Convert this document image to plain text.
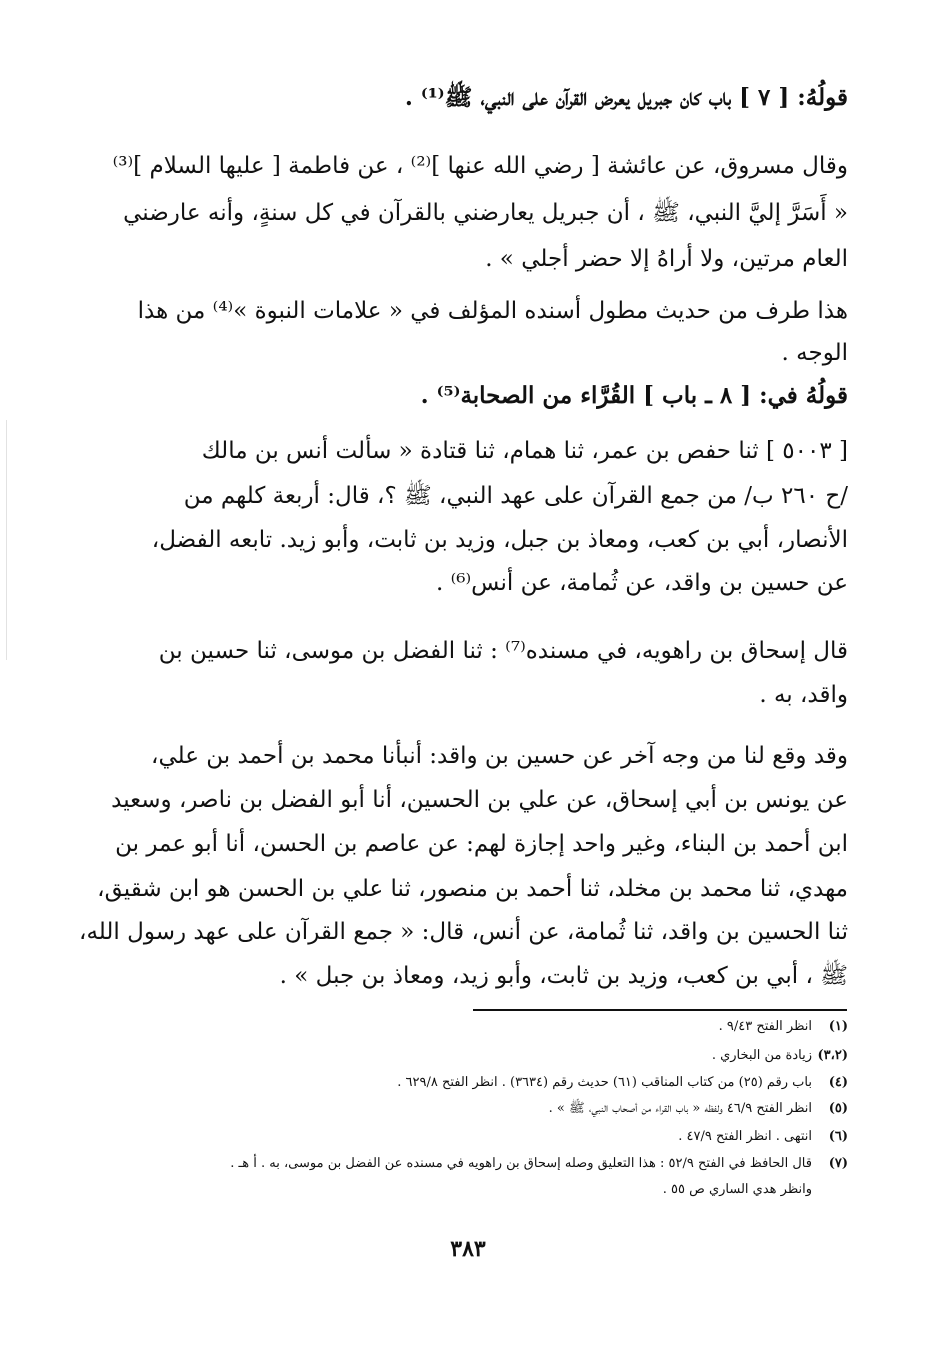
قولُهُ: [ ٧ ] باب كان جبريل يعرض القرآن على النبي، ﷺ⁽¹⁾ .
وقال مسروق، عن عائشة [ رضي الله عنها ]⁽²⁾ ، عن فاطمة [ عليها السلام ]⁽³⁾
« أَسَرَّ إليَّ النبي، ﷺ ، أن جبريل يعارضني بالقرآن في كل سنةٍ، وأنه عارضني
العام مرتين، ولا أراهُ إلا حضر أجلي » .
هذا طرف من حديث مطول أسنده المؤلف في « علامات النبوة »⁽⁴⁾ من هذا
الوجه .
قولُهُ في: [ ٨ ـ باب ] القُرَّاء من الصحابة⁽⁵⁾ .
[ ٥٠٠٣ ] ثنا حفص بن عمر، ثنا همام، ثنا قتادة « سألت أنس بن مالك
/ح ٢٦٠ ب/ من جمع القرآن على عهد النبي، ﷺ ؟، قال: أربعة كلهم من
الأنصار، أبي بن كعب، ومعاذ بن جبل، وزيد بن ثابت، وأبو زيد. تابعه الفضل،
عن حسين بن واقد، عن ثُمامة، عن أنس⁽⁶⁾ .
قال إسحاق بن راهويه، في مسنده⁽⁷⁾ : ثنا الفضل بن موسى، ثنا حسين بن
واقد، به .
وقد وقع لنا من وجه آخر عن حسين بن واقد: أنبأنا محمد بن أحمد بن علي،
عن يونس بن أبي إسحاق، عن علي بن الحسين، أنا أبو الفضل بن ناصر، وسعيد
ابن أحمد بن البناء، وغير واحد إجازة لهم: عن عاصم بن الحسن، أنا أبو عمر بن
مهدي، ثنا محمد بن مخلد، ثنا أحمد بن منصور، ثنا علي بن الحسن هو ابن شقيق،
ثنا الحسين بن واقد، ثنا ثُمامة، عن أنس، قال: « جمع القرآن على عهد رسول الله،
ﷺ ، أبي بن كعب، وزيد بن ثابت، وأبو زيد، ومعاذ بن جبل » .
(١)انظر الفتح ٩/٤٣ .
(٣،٢)زيادة من البخاري .
(٤)باب رقم (٢٥) من كتاب المناقب (٦١) حديث رقم (٣٦٣٤) . انظر الفتح ٦٢٩/٨ .
(٥)انظر الفتح ٤٦/٩ ولفظه « باب القراء من أصحاب النبي، ﷺ » .
(٦)انتهى . انظر الفتح ٤٧/٩ .
(٧)قال الحافظ في الفتح ٥٢/٩ : هذا التعليق وصله إسحاق بن راهويه في مسنده عن الفضل بن موسى، به . أ هـ .
وانظر هدي الساري ص ٥٥ .
٣٨٣
